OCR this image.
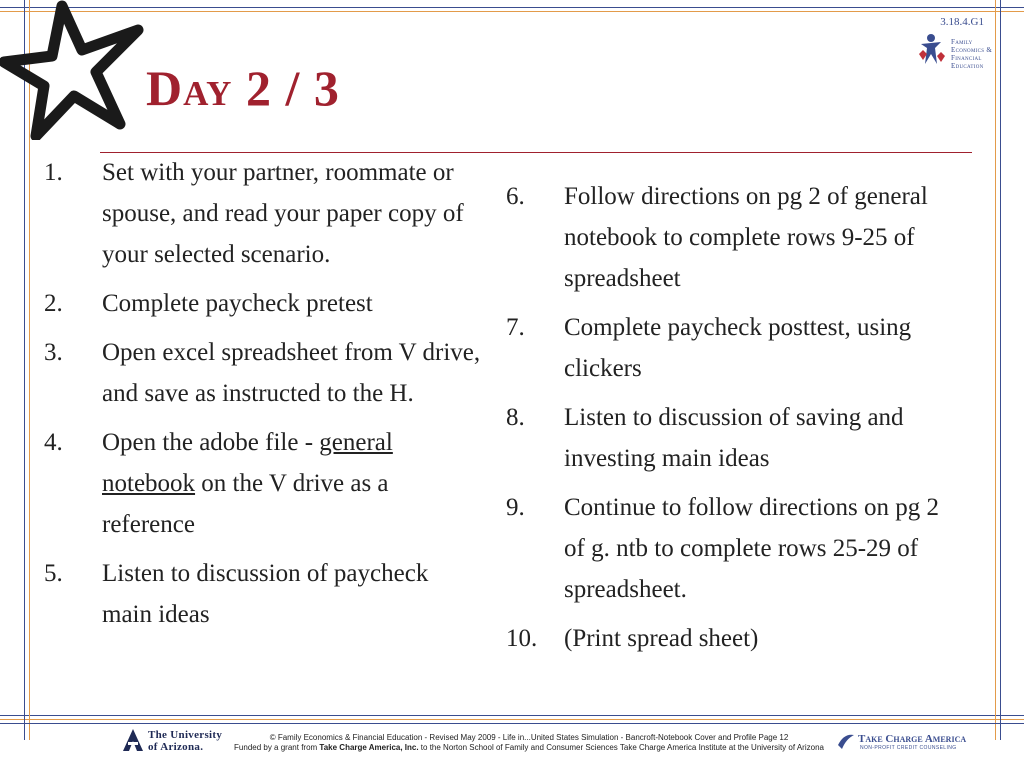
3.18.4.G1
Family
Economics &
Financial
Education
Day 2 / 3
1. Set with your partner, roommate or spouse, and read your paper copy of your selected scenario.
2. Complete paycheck pretest
3. Open excel spreadsheet from V drive, and save as instructed to the H.
4. Open the adobe file - general notebook on the V drive as a reference
5. Listen to discussion of paycheck main ideas
6. Follow directions on pg 2 of general notebook to complete rows 9-25 of spreadsheet
7. Complete paycheck posttest, using clickers
8. Listen to discussion of saving and investing main ideas
9. Continue to follow directions on pg 2 of g. ntb to complete rows 25-29 of spreadsheet.
10. (Print spread sheet)
The University
of Arizona.
© Family Economics & Financial Education - Revised May 2009 - Life in...United States Simulation - Bancroft-Notebook Cover and Profile Page 12
Funded by a grant from Take Charge America, Inc. to the Norton School of Family and Consumer Sciences Take Charge America Institute at the University of Arizona
Take Charge America
NON-PROFIT CREDIT COUNSELING
